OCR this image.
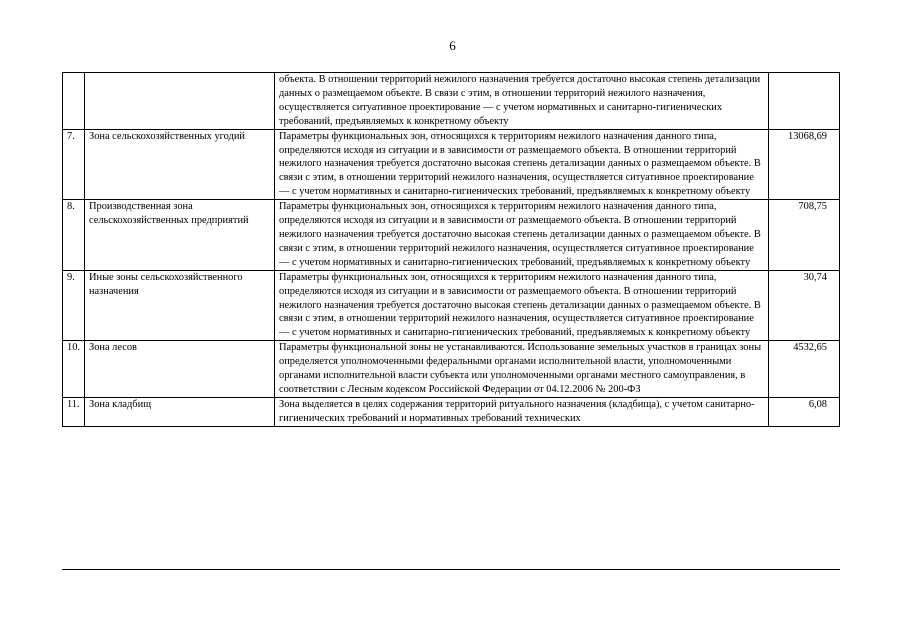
6
		объекта. В отношении территорий нежилого назначения требуется достаточно высокая степень детализации данных о размещаемом объекте. В связи с этим, в отношении территорий нежилого назначения, осуществляется ситуативное проектирование — с учетом нормативных и санитарно-гигиенических требований, предъявляемых к конкретному объекту	
7.	Зона сельскохозяйственных угодий	Параметры функциональных зон, относящихся к территориям нежилого назначения данного типа, определяются исходя из ситуации и в зависимости от размещаемого объекта. В отношении территорий нежилого назначения требуется достаточно высокая степень детализации данных о размещаемом объекте. В связи с этим, в отношении территорий нежилого назначения, осуществляется ситуативное проектирование — с учетом нормативных и санитарно-гигиенических требований, предъявляемых к конкретному объекту	13068,69
8.	Производственная зона сельскохозяйственных предприятий	Параметры функциональных зон, относящихся к территориям нежилого назначения данного типа, определяются исходя из ситуации и в зависимости от размещаемого объекта. В отношении территорий нежилого назначения требуется достаточно высокая степень детализации данных о размещаемом объекте. В связи с этим, в отношении территорий нежилого назначения, осуществляется ситуативное проектирование — с учетом нормативных и санитарно-гигиенических требований, предъявляемых к конкретному объекту	708,75
9.	Иные зоны сельскохозяйственного назначения	Параметры функциональных зон, относящихся к территориям нежилого назначения данного типа, определяются исходя из ситуации и в зависимости от размещаемого объекта. В отношении территорий нежилого назначения требуется достаточно высокая степень детализации данных о размещаемом объекте. В связи с этим, в отношении территорий нежилого назначения, осуществляется ситуативное проектирование — с учетом нормативных и санитарно-гигиенических требований, предъявляемых к конкретному объекту	30,74
10.	Зона лесов	Параметры функциональной зоны не устанавливаются. Использование земельных участков в границах зоны определяется уполномоченными федеральными органами исполнительной власти, уполномоченными органами исполнительной власти субъекта или уполномоченными органами местного самоуправления, в соответствии с Лесным кодексом Российской Федерации от 04.12.2006 № 200-ФЗ	4532,65
11.	Зона кладбищ	Зона выделяется в целях содержания территорий ритуального назначения (кладбища), с учетом санитарно-гигиенических требований и нормативных требований технических	6,08
